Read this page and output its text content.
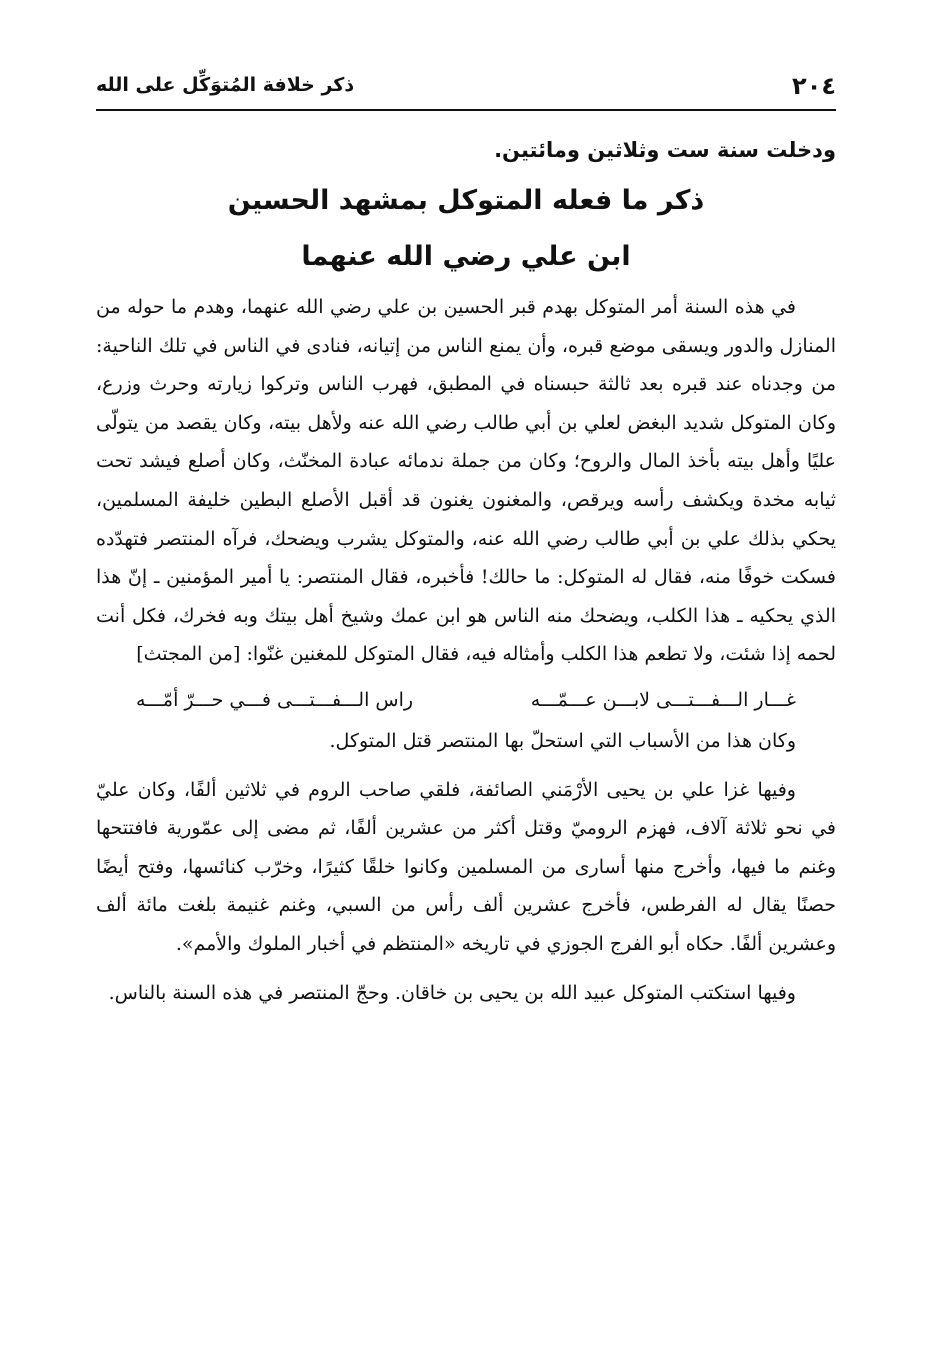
٢٠٤
ذكر خلافة المُتوَكِّل على الله

ودخلت سنة ست وثلاثين ومائتين.

ذكر ما فعله المتوكل بمشهد الحسين
ابن علي رضي الله عنهما

في هذه السنة أمر المتوكل بهدم قبر الحسين بن علي رضي الله عنهما، وهدم ما حوله من المنازل والدور ويسقى موضع قبره، وأن يمنع الناس من إتيانه، فنادى في الناس في تلك الناحية: من وجدناه عند قبره بعد ثالثة حبسناه في المطبق، فهرب الناس وتركوا زيارته وحرث وزرع، وكان المتوكل شديد البغض لعلي بن أبي طالب رضي الله عنه ولأهل بيته، وكان يقصد من يتولّى عليًا وأهل بيته بأخذ المال والروح؛ وكان من جملة ندمائه عبادة المخنّث، وكان أصلع فيشد تحت ثيابه مخدة ويكشف رأسه ويرقص، والمغنون يغنون قد أقبل الأصلع البطين خليفة المسلمين، يحكي بذلك علي بن أبي طالب رضي الله عنه، والمتوكل يشرب ويضحك، فرآه المنتصر فتهدّده فسكت خوفًا منه، فقال له المتوكل: ما حالك! فأخبره، فقال المنتصر: يا أمير المؤمنين ـ إنّ هذا الذي يحكيه ـ هذا الكلب، ويضحك منه الناس هو ابن عمك وشيخ أهل بيتك وبه فخرك، فكل أنت لحمه إذا شئت، ولا تطعم هذا الكلب وأمثاله فيه، فقال المتوكل للمغنين غنّوا: [من المجتث]

غـــار الـــفـــتـــى لابـــن عـــمّـــه
راس الـــفـــتـــى فـــي حـــرّ أمّـــه

وكان هذا من الأسباب التي استحلّ بها المنتصر قتل المتوكل.

وفيها غزا علي بن يحيى الأرْمَني الصائفة، فلقي صاحب الروم في ثلاثين ألفًا، وكان عليّ في نحو ثلاثة آلاف، فهزم الروميّ وقتل أكثر من عشرين ألفًا، ثم مضى إلى عمّورية فافتتحها وغنم ما فيها، وأخرج منها أسارى من المسلمين وكانوا خلقًا كثيرًا، وخرّب كنائسها، وفتح أيضًا حصنًا يقال له الفرطس، فأخرج عشرين ألف رأس من السبي، وغنم غنيمة بلغت مائة ألف وعشرين ألفًا. حكاه أبو الفرج الجوزي في تاريخه «المنتظم في أخبار الملوك والأمم».

وفيها استكتب المتوكل عبيد الله بن يحيى بن خاقان. وحجّ المنتصر في هذه السنة بالناس.
